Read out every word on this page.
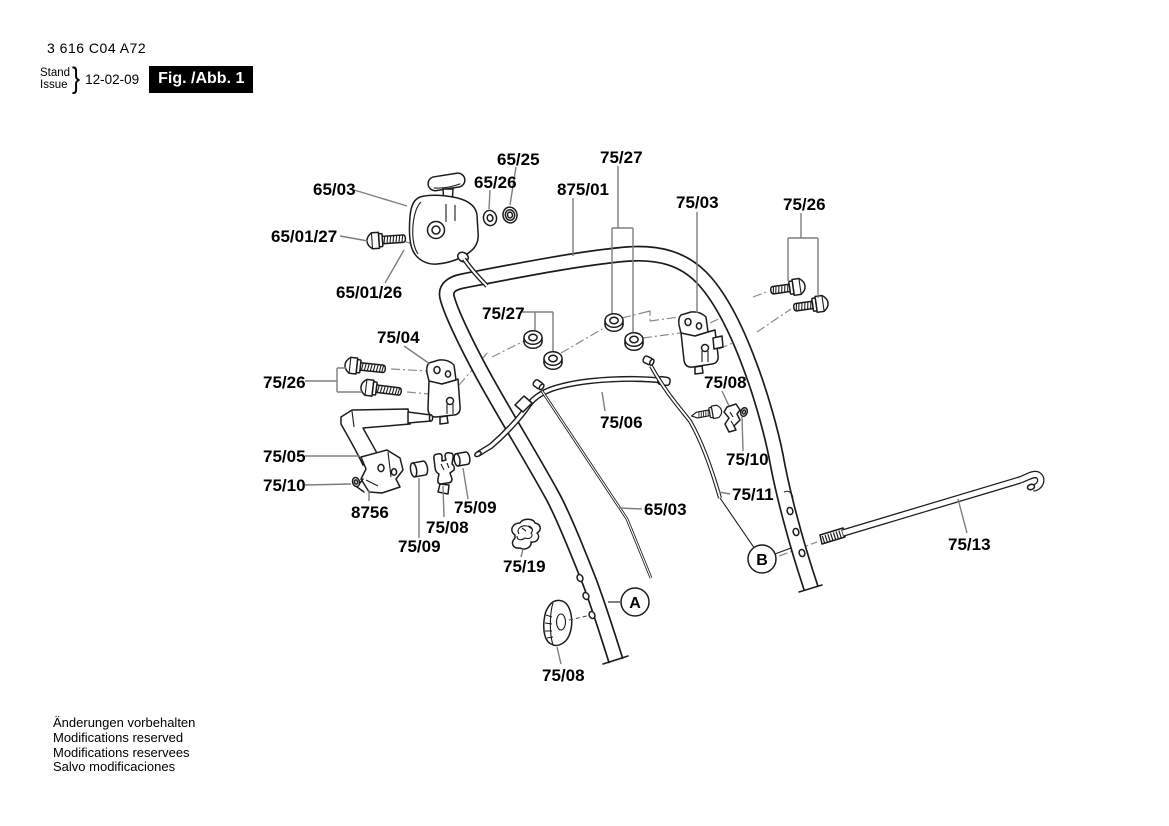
3 616 C04 A72
Stand
Issue } 12-02-09	Fig. /Abb. 1
A
B
65/25
65/26
65/03	875/01
75/27
75/03	75/26
65/01/27
65/01/26
75/04
75/27
75/26	75/08
75/06
75/10
75/05
75/10
8756
75/09
75/08
75/09	65/03
75/11
75/19
75/13
75/08
Änderungen vorbehalten
Modifications reserved
Modifications reservees
Salvo modificaciones
